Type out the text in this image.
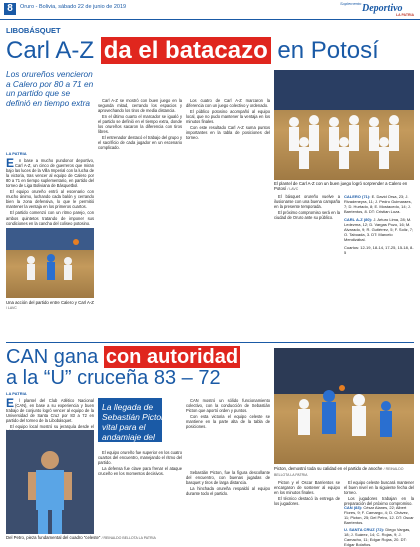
8	Oruro - Bolivia, sábado 22 de junio de 2019
Suplemento Deportivo
LA PATRIA
LIBOBÁSQUET
Carl A-Z da el batacazo en Potosí
Los orureños vencieron a Calero por 80 a 71 en un partido que se definió en tiempo extra
LA PATRIA
E	n base a mucho pundonor deportivo, Carl A-Z, un cinco de guerreros que miran bajo las luces de la Villa Imperial con la lucha de la victoria, tras vencer al equipo de Calero por 80 a 71 en tiempo suplementario, en partido del torneo de Liga Boliviana de Básquetbol.

El equipo orureño entró al escenario con mucho ánimo, luchando cada balón y cerrando bien la zona defensiva, lo que le permitió mantener la ventaja en los primeros cuartos.

El partido comenzó con un ritmo parejo, con ambos quintetos tratando de imponer sus condiciones en la cancha del coliseo potosino.

Una acción del partido entre Calero y Carl A-Z / LAVC

Carl A-Z se mostró con buen juego en la segunda mitad, cerrando los espacios y aprovechando los tiros de media distancia.

En el último cuarto el marcador se igualó y el partido se definió en el tiempo extra, donde los orureños sacaron la diferencia con tiros libres.

El entrenador destacó el trabajo del grupo y el sacrificio de cada jugador en un escenario complicado.

Los cuatro de Carl A-Z marcaron la diferencia con un juego colectivo y ordenado.

El público potosino acompañó al equipo local, que no pudo mantener la ventaja en los minutos finales.

Con este resultado Carl A-Z suma puntos importantes en la tabla de posiciones del torneo.

El plantel de Carl A-Z con un buen juego logró sorprender a Calero en Potosí / LAVC

El básquet orureño vuelve a ilusionarse con una buena campaña en la presente temporada.

El próximo compromiso será en la ciudad de Oruro ante su público.

CALERO (71): E. David Orsa, 23; J. Rivadeneyra, 11; J. Pedro Guimaraes, 7; D. Hurtado, 8; E. Mostacedo, 14; J. Barrientos, 8. DT: Cristian Loza.
CARL A-Z (80): J. Arturo Lima, 28; M. Ledezma, 12; D. Vargas Pozo, 16; M. Alvarado, 9; R. Gutiérrez, 5; F. Soliz, 7; O. Taboada, 3. DT: Marcelo Mendizábal.
Cuartos: 12-19, 18-14, 17-25, 15-18, 8-5
CAN gana con autoridad
a la “U” cruceña 83 – 72
LA PATRIA
E	l plantel del Club Atlético Nacional (CAN), en base a su experiencia y buen trabajo de conjunto logró vencer al equipo de la Universidad de Santa Cruz por 83 a 72 en partido del torneo de la Libobásquet.

El equipo local mostró su jerarquía desde el

Del Petro, pieza fundamental del cuadro “celeste” / REINALDO BELLOTA LA PATRIA
La llegada de Sebastián Picton fue vital para el andamiaje del equipo

El equipo orureño fue superior en los cuatro cuartos del encuentro, manejando el ritmo del partido.

La defensa fue clave para frenar el ataque cruceño en los momentos decisivos.

CAN mostró un sólido funcionamiento colectivo, con la conducción de Sebastián Picton que aportó orden y puntos.

Con esta victoria el equipo celeste se mantiene en la parte alta de la tabla de posiciones.

Sebastián Picton, fue la figura descollante del encuentro, con buenas jugadas de basquet y tiros de larga distancia.

La hinchada orureña respaldó al equipo durante todo el partido.

Picton, demostró toda su calidad en el partido de anoche / REINALDO BELLOTA LA PATRIA

Picton y el Oscar Barrientos se encargaron de sostener al equipo en los minutos finales.

El técnico destacó la entrega de los jugadores.

El equipo celeste buscará mantener el buen nivel en la siguiente fecha del torneo.

Los jugadores trabajan en la preparación del próximo compromiso.

CAN (83): César Alanes, 22; Albert Flores, 9; F. Camargo, 4; D. Chávez, 11; Picton, 25; Del Petro, 12. DT: Oscar Barrientos.
U. SANTA CRUZ (72): Diego Vargas, 18; J. Suárez, 14; C. Rojas, 9; J. Camacho, 11; Edgar Rojas, 20. DT: Edgar Bolaños.
